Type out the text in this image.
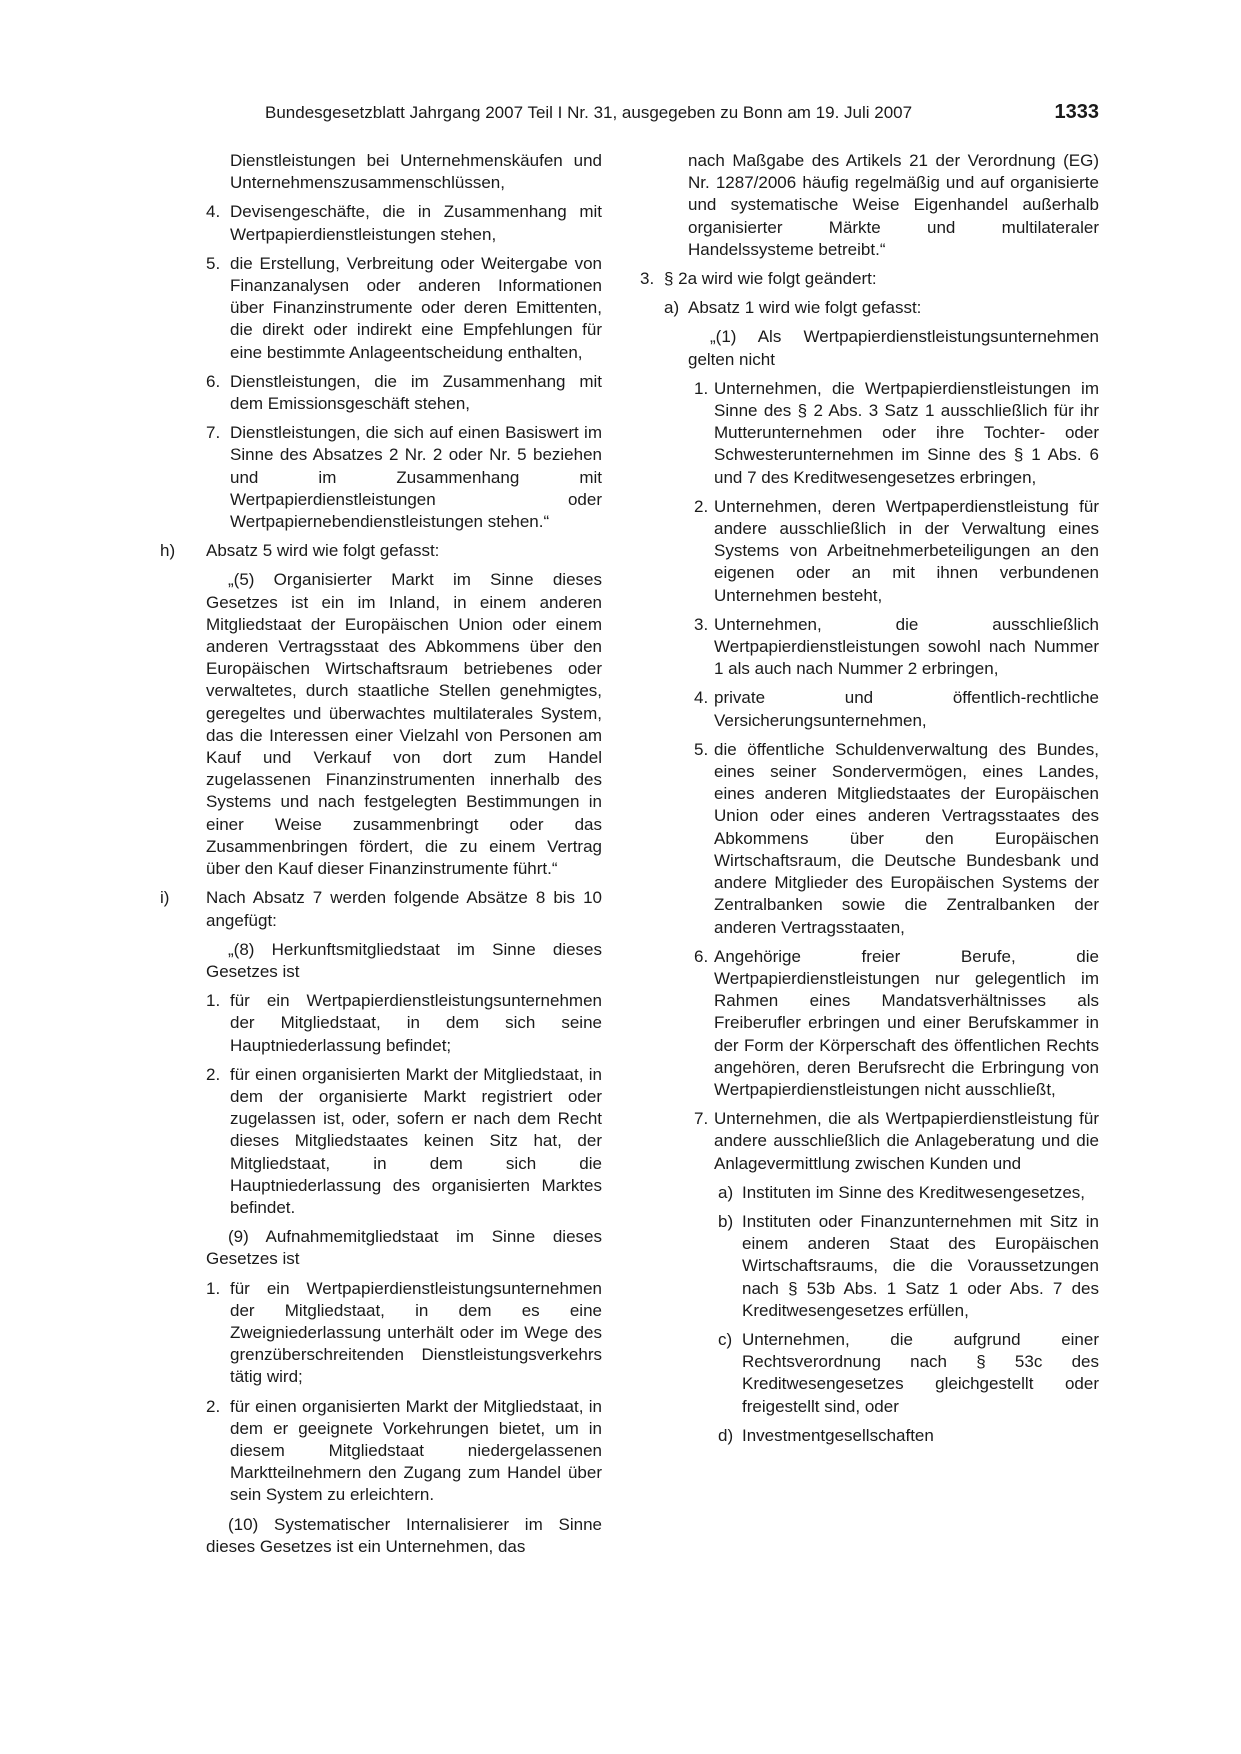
Bundesgesetzblatt Jahrgang 2007 Teil I Nr. 31, ausgegeben zu Bonn am 19. Juli 2007	1333

Dienstleistungen bei Unternehmenskäufen und Unternehmenszusammenschlüssen,

4. Devisengeschäfte, die in Zusammenhang mit Wertpapierdienstleistungen stehen,
5. die Erstellung, Verbreitung oder Weitergabe von Finanzanalysen oder anderen Informationen über Finanzinstrumente oder deren Emittenten, die direkt oder indirekt eine Empfehlungen für eine bestimmte Anlageentscheidung enthalten,
6. Dienstleistungen, die im Zusammenhang mit dem Emissionsgeschäft stehen,
7. Dienstleistungen, die sich auf einen Basiswert im Sinne des Absatzes 2 Nr. 2 oder Nr. 5 beziehen und im Zusammenhang mit Wertpapierdienstleistungen oder Wertpapiernebendienstleistungen stehen.“
h)	Absatz 5 wird wie folgt gefasst:

„(5) Organisierter Markt im Sinne dieses Gesetzes ist ein im Inland, in einem anderen Mitgliedstaat der Europäischen Union oder einem anderen Vertragsstaat des Abkommens über den Europäischen Wirtschaftsraum betriebenes oder verwaltetes, durch staatliche Stellen genehmigtes, geregeltes und überwachtes multilaterales System, das die Interessen einer Vielzahl von Personen am Kauf und Verkauf von dort zum Handel zugelassenen Finanzinstrumenten innerhalb des Systems und nach festgelegten Bestimmungen in einer Weise zusammenbringt oder das Zusammenbringen fördert, die zu einem Vertrag über den Kauf dieser Finanzinstrumente führt.“

i)	Nach Absatz 7 werden folgende Absätze 8 bis 10 angefügt:

„(8) Herkunftsmitgliedstaat im Sinne dieses Gesetzes ist

1. für ein Wertpapierdienstleistungsunternehmen der Mitgliedstaat, in dem sich seine Hauptniederlassung befindet;
2. für einen organisierten Markt der Mitgliedstaat, in dem der organisierte Markt registriert oder zugelassen ist, oder, sofern er nach dem Recht dieses Mitgliedstaates keinen Sitz hat, der Mitgliedstaat, in dem sich die Hauptniederlassung des organisierten Marktes befindet.

(9) Aufnahmemitgliedstaat im Sinne dieses Gesetzes ist

1. für ein Wertpapierdienstleistungsunternehmen der Mitgliedstaat, in dem es eine Zweigniederlassung unterhält oder im Wege des grenzüberschreitenden Dienstleistungsverkehrs tätig wird;
2. für einen organisierten Markt der Mitgliedstaat, in dem er geeignete Vorkehrungen bietet, um in diesem Mitgliedstaat niedergelassenen Marktteilnehmern den Zugang zum Handel über sein System zu erleichtern.

(10) Systematischer Internalisierer im Sinne dieses Gesetzes ist ein Unternehmen, das

nach Maßgabe des Artikels 21 der Verordnung (EG) Nr. 1287/2006 häufig regelmäßig und auf organisierte und systematische Weise Eigenhandel außerhalb organisierter Märkte und multilateraler Handelssysteme betreibt.“

3. § 2a wird wie folgt geändert:
a) Absatz 1 wird wie folgt gefasst:

„(1) Als Wertpapierdienstleistungsunternehmen gelten nicht

1. Unternehmen, die Wertpapierdienstleistungen im Sinne des § 2 Abs. 3 Satz 1 ausschließlich für ihr Mutterunternehmen oder ihre Tochter- oder Schwesterunternehmen im Sinne des § 1 Abs. 6 und 7 des Kreditwesengesetzes erbringen,
2. Unternehmen, deren Wertpaperdienstleistung für andere ausschließlich in der Verwaltung eines Systems von Arbeitnehmerbeteiligungen an den eigenen oder an mit ihnen verbundenen Unternehmen besteht,
3. Unternehmen, die ausschließlich Wertpapierdienstleistungen sowohl nach Nummer 1 als auch nach Nummer 2 erbringen,
4. private und öffentlich-rechtliche Versicherungsunternehmen,
5. die öffentliche Schuldenverwaltung des Bundes, eines seiner Sondervermögen, eines Landes, eines anderen Mitgliedstaates der Europäischen Union oder eines anderen Vertragsstaates des Abkommens über den Europäischen Wirtschaftsraum, die Deutsche Bundesbank und andere Mitglieder des Europäischen Systems der Zentralbanken sowie die Zentralbanken der anderen Vertragsstaaten,
6. Angehörige freier Berufe, die Wertpapierdienstleistungen nur gelegentlich im Rahmen eines Mandatsverhältnisses als Freiberufler erbringen und einer Berufskammer in der Form der Körperschaft des öffentlichen Rechts angehören, deren Berufsrecht die Erbringung von Wertpapierdienstleistungen nicht ausschließt,
7. Unternehmen, die als Wertpapierdienstleistung für andere ausschließlich die Anlageberatung und die Anlagevermittlung zwischen Kunden und
a) Instituten im Sinne des Kreditwesengesetzes,
b) Instituten oder Finanzunternehmen mit Sitz in einem anderen Staat des Europäischen Wirtschaftsraums, die die Voraussetzungen nach § 53b Abs. 1 Satz 1 oder Abs. 7 des Kreditwesengesetzes erfüllen,
c) Unternehmen, die aufgrund einer Rechtsverordnung nach § 53c des Kreditwesengesetzes gleichgestellt oder freigestellt sind, oder
d) Investmentgesellschaften
